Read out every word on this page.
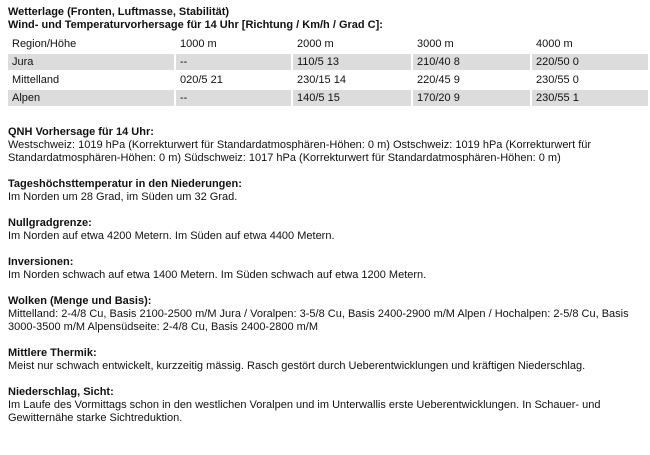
Wetterlage (Fronten, Luftmasse, Stabilität)
Wind- und Temperaturvorhersage für 14 Uhr [Richtung / Km/h / Grad C]:
Region/Höhe	1000 m	2000 m	3000 m	4000 m
Jura	--	110/5 13	210/40 8	220/50 0
Mittelland	020/5 21	230/15 14	220/45 9	230/55 0
Alpen	--	140/5 15	170/20 9	230/55 1
QNH Vorhersage für 14 Uhr:
Westschweiz: 1019 hPa (Korrekturwert für Standardatmosphären-Höhen: 0 m) Ostschweiz: 1019 hPa (Korrekturwert für
Standardatmosphären-Höhen: 0 m) Südschweiz: 1017 hPa (Korrekturwert für Standardatmosphären-Höhen: 0 m)
Tageshöchsttemperatur in den Niederungen:
Im Norden um 28 Grad, im Süden um 32 Grad.
Nullgradgrenze:
Im Norden auf etwa 4200 Metern. Im Süden auf etwa 4400 Metern.
Inversionen:
Im Norden schwach auf etwa 1400 Metern. Im Süden schwach auf etwa 1200 Metern.
Wolken (Menge und Basis):
Mittelland: 2-4/8 Cu, Basis 2100-2500 m/M Jura / Voralpen: 3-5/8 Cu, Basis 2400-2900 m/M Alpen / Hochalpen: 2-5/8 Cu, Basis
3000-3500 m/M Alpensüdseite: 2-4/8 Cu, Basis 2400-2800 m/M
Mittlere Thermik:
Meist nur schwach entwickelt, kurzzeitig mässig. Rasch gestört durch Ueberentwicklungen und kräftigen Niederschlag.
Niederschlag, Sicht:
Im Laufe des Vormittags schon in den westlichen Voralpen und im Unterwallis erste Ueberentwicklungen. In Schauer- und
Gewitternähe starke Sichtreduktion.
